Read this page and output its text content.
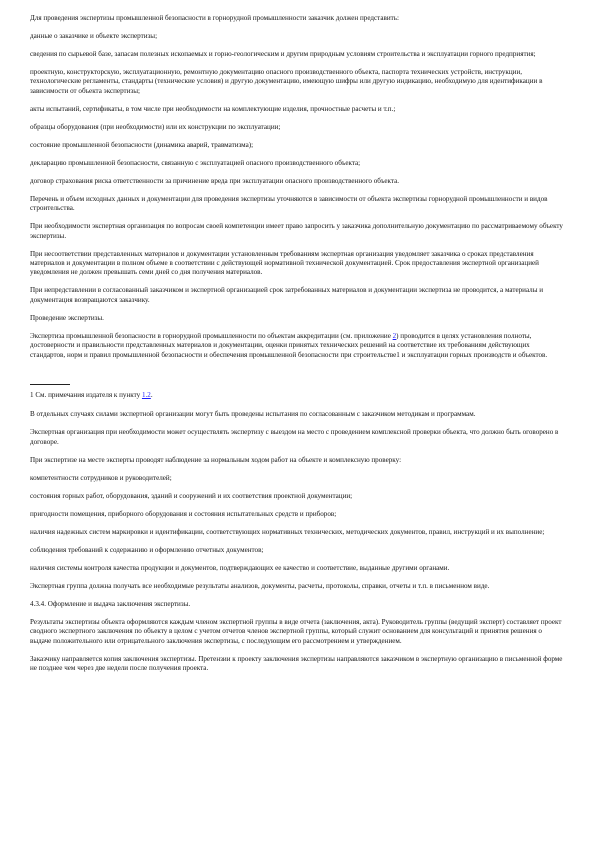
Для проведения экспертизы промышленной безопасности в горнорудной промышленности заказчик должен представить:

данные о заказчике и объекте экспертизы;

сведения по сырьевой базе, запасам полезных ископаемых и горно-геологическим и другим природным условиям строительства и эксплуатации горного предприятия;

проектную, конструкторскую, эксплуатационную, ремонтную документацию опасного производственного объекта, паспорта технических устройств, инструкции, технологические регламенты, стандарты (технические условия) и другую документацию, имеющую шифры или другую индикацию, необходимую для идентификации в зависимости от объекта экспертизы;

акты испытаний, сертификаты, в том числе при необходимости на комплектующие изделия, прочностные расчеты и т.п.;

образцы оборудования (при необходимости) или их конструкции по эксплуатации;

состояние промышленной безопасности (динамика аварий, травматизма);

декларацию промышленной безопасности, связанную с эксплуатацией опасного производственного объекта;

договор страхования риска ответственности за причинение вреда при эксплуатации опасного производственного объекта.

Перечень и объем исходных данных и документации для проведения экспертизы уточняются в зависимости от объекта экспертизы горнорудной промышленности и видов строительства.

При необходимости экспертная организация по вопросам своей компетенции имеет право запросить у заказчика дополнительную документацию по рассматриваемому объекту экспертизы.

При несоответствии представленных материалов и документации установленным требованиям экспертная организация уведомляет заказчика о сроках представления материалов и документации в полном объеме в соответствии с действующей нормативной технической документацией. Срок предоставления экспертной организацией уведомления не должен превышать семи дней со дня получения материалов.

При непредставлении в согласованный заказчиком и экспертной организацией срок затребованных материалов и документации экспертиза не проводится, а материалы и документация возвращаются заказчику.

Проведение экспертизы.

Экспертиза промышленной безопасности в горнорудной промышленности по объектам аккредитации (см. приложение 2) проводится в целях установления полноты, достоверности и правильности представленных материалов и документации, оценки принятых технических решений на соответствие их требованиям действующих стандартов, норм и правил промышленной безопасности и обеспечения промышленной безопасности при строительстве1 и эксплуатации горных производств и объектов.

1 См. примечания издателя к пункту 1.2.

В отдельных случаях силами экспертной организации могут быть проведены испытания по согласованным с заказчиком методикам и программам.

Экспертная организация при необходимости может осуществлять экспертизу с выездом на место с проведением комплексной проверки объекта, что должно быть оговорено в договоре.

При экспертизе на месте эксперты проводят наблюдение за нормальным ходом работ на объекте и комплексную проверку:

компетентности сотрудников и руководителей;

состояния горных работ, оборудования, зданий и сооружений и их соответствия проектной документации;

пригодности помещения, приборного оборудования и состояния испытательных средств и приборов;

наличия надежных систем маркировки и идентификации, соответствующих нормативных технических, методических документов, правил, инструкций и их выполнение;

соблюдения требований к содержанию и оформлению отчетных документов;

наличия системы контроля качества продукции и документов, подтверждающих ее качество и соответствие, выданные другими органами.

Экспертная группа должна получать все необходимые результаты анализов, документы, расчеты, протоколы, справки, отчеты и т.п. в письменном виде.

4.3.4. Оформление и выдача заключения экспертизы.

Результаты экспертизы объекта оформляются каждым членом экспертной группы в виде отчета (заключения, акта). Руководитель группы (ведущий эксперт) составляет проект сводного экспертного заключения по объекту в целом с учетом отчетов членов экспертной группы, который служит основанием для консультаций и принятия решения о выдаче положительного или отрицательного заключения экспертизы, с последующим его рассмотрением и утверждением.

Заказчику направляется копия заключения экспертизы. Претензии к проекту заключения экспертизы направляются заказчиком в экспертную организацию в письменной форме не позднее чем через две недели после получения проекта.
